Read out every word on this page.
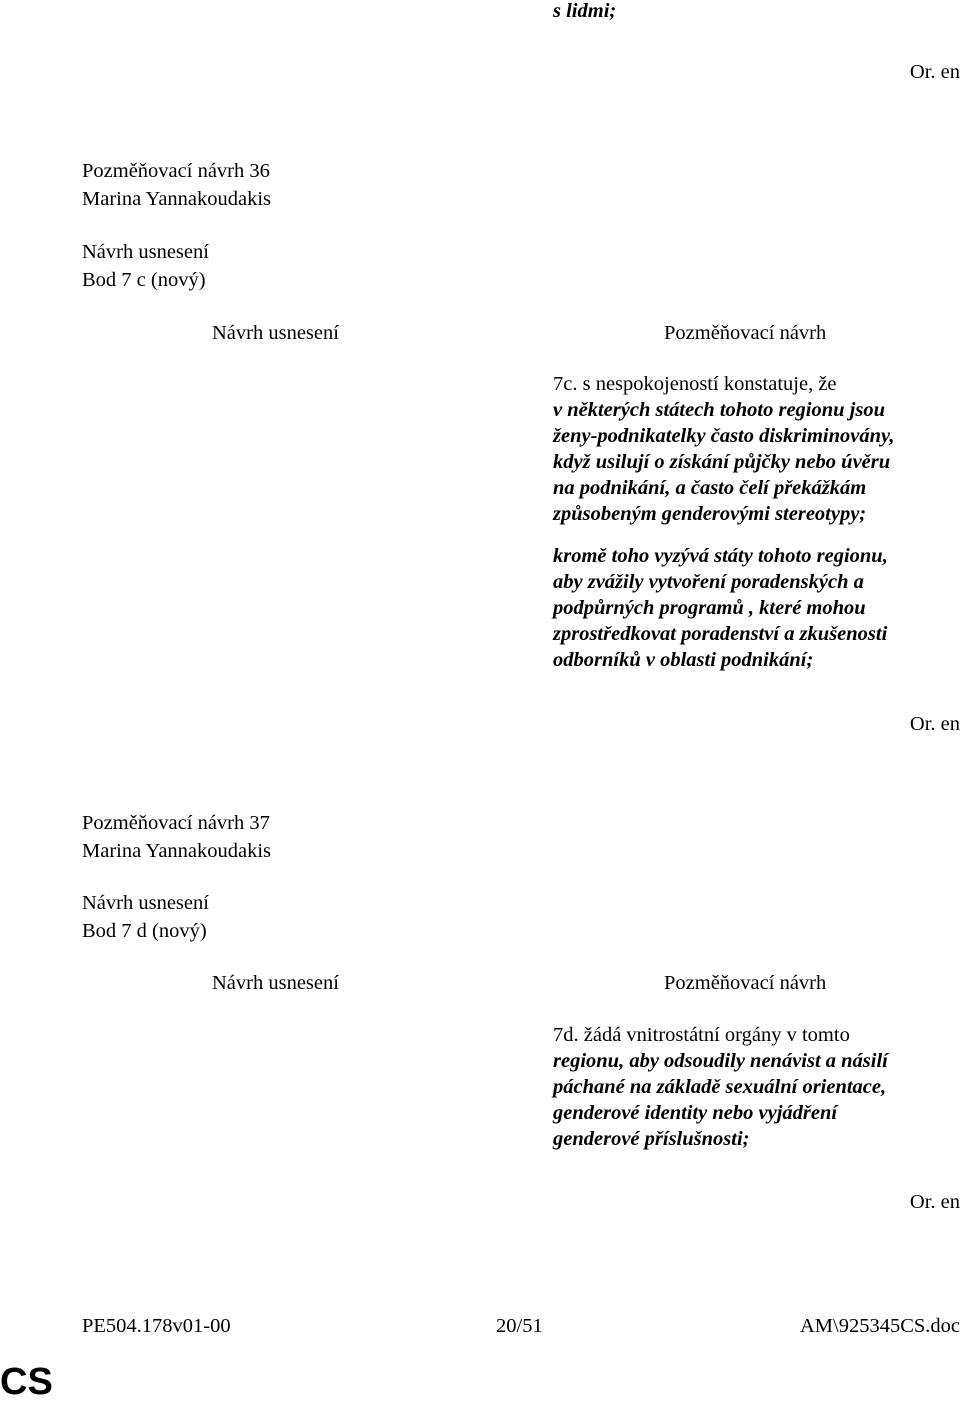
s lidmi;
Or. en
Pozměňovací návrh 36
Marina Yannakoudakis
Návrh usnesení
Bod 7 c (nový)
Návrh usnesení	Pozměňovací návrh
7c. s nespokojeností konstatuje, že
v některých státech tohoto regionu jsou
ženy-podnikatelky často diskriminovány,
když usilují o získání půjčky nebo úvěru
na podnikání, a často čelí překážkám
způsobeným genderovými stereotypy;
kromě toho vyzývá státy tohoto regionu,
aby zvážily vytvoření poradenských a
podpůrných programů , které mohou
zprostředkovat poradenství a zkušenosti
odborníků v oblasti podnikání;
Or. en
Pozměňovací návrh 37
Marina Yannakoudakis
Návrh usnesení
Bod 7 d (nový)
Návrh usnesení	Pozměňovací návrh
7d. žádá vnitrostátní orgány v tomto
regionu, aby odsoudily nenávist a násilí
páchané na základě sexuální orientace,
genderové identity nebo vyjádření
genderové příslušnosti;
Or. en
PE504.178v01-00	20/51	AM\925345CS.doc
CS
